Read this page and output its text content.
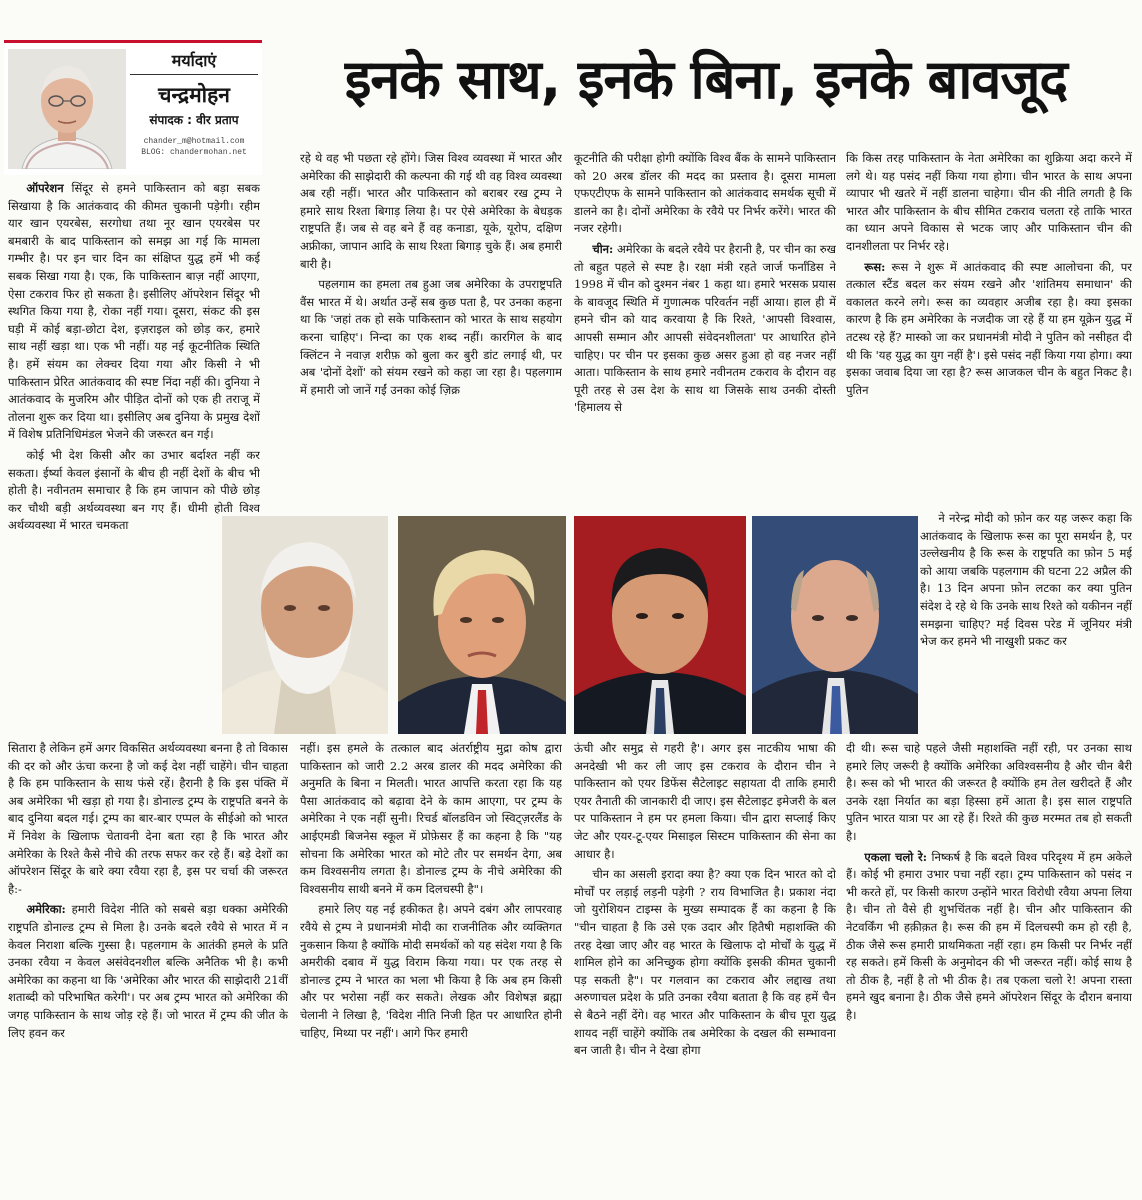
मर्यादाएं
चन्द्रमोहन
संपादक : वीर प्रताप
chander_m@hotmail.com
BLOG: chandermohan.net
इनके साथ, इनके बिना, इनके बावजूद

ऑपरेशन सिंदूर से हमने पाकिस्तान को बड़ा सबक सिखाया है कि आतंकवाद की कीमत चुकानी पड़ेगी। रहीम यार खान एयरबेस, सरगोधा तथा नूर खान एयरबेस पर बमबारी के बाद पाकिस्तान को समझ आ गई कि मामला गम्भीर है। पर इन चार दिन का संक्षिप्त युद्ध हमें भी कई सबक सिखा गया है। एक, कि पाकिस्तान बाज़ नहीं आएगा, ऐसा टकराव फिर हो सकता है। इसीलिए ऑपरेशन सिंदूर भी स्थगित किया गया है, रोका नहीं गया। दूसरा, संकट की इस घड़ी में कोई बड़ा-छोटा देश, इज़राइल को छोड़ कर, हमारे साथ नहीं खड़ा था। एक भी नहीं। यह नई कूटनीतिक स्थिति है। हमें संयम का लेक्चर दिया गया और किसी ने भी पाकिस्तान प्रेरित आतंकवाद की स्पष्ट निंदा नहीं की। दुनिया ने आतंकवाद के मुजरिम और पीड़ित दोनों को एक ही तराजू में तोलना शुरू कर दिया था। इसीलिए अब दुनिया के प्रमुख देशों में विशेष प्रतिनिधिमंडल भेजने की जरूरत बन गई।

कोई भी देश किसी और का उभार बर्दाश्त नहीं कर सकता। ईर्ष्या केवल इंसानों के बीच ही नहीं देशों के बीच भी होती है। नवीनतम समाचार है कि हम जापान को पीछे छोड़ कर चौथी बड़ी अर्थव्यवस्था बन गए हैं। धीमी होती विश्व अर्थव्यवस्था में भारत चमकता

सितारा है लेकिन हमें अगर विकसित अर्थव्यवस्था बनना है तो विकास की दर को और ऊंचा करना है जो कई देश नहीं चाहेंगे। चीन चाहता है कि हम पाकिस्तान के साथ फंसे रहें। हैरानी है कि इस पंक्ति में अब अमेरिका भी खड़ा हो गया है। डोनाल्ड ट्रम्प के राष्ट्रपति बनने के बाद दुनिया बदल गई। ट्रम्प का बार-बार एप्पल के सीईओ को भारत में निवेश के खिलाफ चेतावनी देना बता रहा है कि भारत और अमेरिका के रिश्ते कैसे नीचे की तरफ सफर कर रहे हैं। बड़े देशों का ऑपरेशन सिंदूर के बारे क्या रवैया रहा है, इस पर चर्चा की जरूरत है:-

अमेरिका: हमारी विदेश नीति को सबसे बड़ा धक्का अमेरिकी राष्ट्रपति डोनाल्ड ट्रम्प से मिला है। उनके बदले रवैये से भारत में न केवल निराशा बल्कि गुस्सा है। पहलगाम के आतंकी हमले के प्रति उनका रवैया न केवल असंवेदनशील बल्कि अनैतिक भी है। कभी अमेरिका का कहना था कि 'अमेरिका और भारत की साझेदारी 21वीं शताब्दी को परिभाषित करेगी'। पर अब ट्रम्प भारत को अमेरिका की जगह पाकिस्तान के साथ जोड़ रहे हैं। जो भारत में ट्रम्प की जीत के लिए हवन कर

रहे थे वह भी पछता रहे होंगे। जिस विश्व व्यवस्था में भारत और अमेरिका की साझेदारी की कल्पना की गई थी वह विश्व व्यवस्था अब रही नहीं। भारत और पाकिस्तान को बराबर रख ट्रम्प ने हमारे साथ रिश्ता बिगाड़ लिया है। पर ऐसे अमेरिका के बेधड़क राष्ट्रपति हैं। जब से वह बने हैं वह कनाडा, यूके, यूरोप, दक्षिण अफ्रीका, जापान आदि के साथ रिश्ता बिगाड़ चुके हैं। अब हमारी बारी है।

पहलगाम का हमला तब हुआ जब अमेरिका के उपराष्ट्रपति वैंस भारत में थे। अर्थात उन्हें सब कुछ पता है, पर उनका कहना था कि 'जहां तक हो सके पाकिस्तान को भारत के साथ सहयोग करना चाहिए'। निन्दा का एक शब्द नहीं। कारगिल के बाद क्लिंटन ने नवाज़ शरीफ़ को बुला कर बुरी डांट लगाई थी, पर अब 'दोनों देशों' को संयम रखने को कहा जा रहा है। पहलगाम में हमारी जो जानें गईं उनका कोई ज़िक्र

नहीं। इस हमले के तत्काल बाद अंतर्राष्ट्रीय मुद्रा कोष द्वारा पाकिस्तान को जारी 2.2 अरब डालर की मदद अमेरिका की अनुमति के बिना न मिलती। भारत आपत्ति करता रहा कि यह पैसा आतंकवाद को बढ़ावा देने के काम आएगा, पर ट्रम्प के अमेरिका ने एक नहीं सुनी। रिचर्ड बॉलडविन जो स्विट्ज़रलैंड के आईएमडी बिजनेस स्कूल में प्रोफ़ेसर हैं का कहना है कि "यह सोचना कि अमेरिका भारत को मोटे तौर पर समर्थन देगा, अब कम विश्वसनीय लगता है। डोनाल्ड ट्रम्प के नीचे अमेरिका की विश्वसनीय साथी बनने में कम दिलचस्पी है"।

हमारे लिए यह नई हकीकत है। अपने दबंग और लापरवाह रवैये से ट्रम्प ने प्रधानमंत्री मोदी का राजनीतिक और व्यक्तिगत नुकसान किया है क्योंकि मोदी समर्थकों को यह संदेश गया है कि अमरीकी दबाव में युद्ध विराम किया गया। पर एक तरह से डोनाल्ड ट्रम्प ने भारत का भला भी किया है कि अब हम किसी और पर भरोसा नहीं कर सकते। लेखक और विशेषज्ञ ब्रह्मा चेलानी ने लिखा है, 'विदेश नीति निजी हित पर आधारित होनी चाहिए, मिथ्या पर नहीं'। आगे फिर हमारी

कूटनीति की परीक्षा होगी क्योंकि विश्व बैंक के सामने पाकिस्तान को 20 अरब डॉलर की मदद का प्रस्ताव है। दूसरा मामला एफएटीएफ के सामने पाकिस्तान को आतंकवाद समर्थक सूची में डालने का है। दोनों अमेरिका के रवैये पर निर्भर करेंगे। भारत की नजर रहेगी।

चीन: अमेरिका के बदले रवैये पर हैरानी है, पर चीन का रुख तो बहुत पहले से स्पष्ट है। रक्षा मंत्री रहते जार्ज फर्नांडिस ने 1998 में चीन को दुश्मन नंबर 1 कहा था। हमारे भरसक प्रयास के बावजूद स्थिति में गुणात्मक परिवर्तन नहीं आया। हाल ही में हमने चीन को याद करवाया है कि रिश्ते, 'आपसी विश्वास, आपसी सम्मान और आपसी संवेदनशीलता' पर आधारित होने चाहिए। पर चीन पर इसका कुछ असर हुआ हो वह नजर नहीं आता। पाकिस्तान के साथ हमारे नवीनतम टकराव के दौरान वह पूरी तरह से उस देश के साथ था जिसके साथ उनकी दोस्ती 'हिमालय से

ऊंची और समुद्र से गहरी है'। अगर इस नाटकीय भाषा की अनदेखी भी कर ली जाए इस टकराव के दौरान चीन ने पाकिस्तान को एयर डिफेंस सैटेलाइट सहायता दी ताकि हमारी एयर तैनाती की जानकारी दी जाए। इस सैटेलाइट इमेजरी के बल पर पाकिस्तान ने हम पर हमला किया। चीन द्वारा सप्लाई किए जेट और एयर-टू-एयर मिसाइल सिस्टम पाकिस्तान की सेना का आधार है।

चीन का असली इरादा क्या है? क्या एक दिन भारत को दो मोर्चों पर लड़ाई लड़नी पड़ेगी ? राय विभाजित है। प्रकाश नंदा जो युरोशियन टाइम्स के मुख्य सम्पादक हैं का कहना है कि "चीन चाहता है कि उसे एक उदार और हितैषी महाशक्ति की तरह देखा जाए और वह भारत के खिलाफ दो मोर्चों के युद्ध में शामिल होने का अनिच्छुक होगा क्योंकि इसकी कीमत चुकानी पड़ सकती है"। पर गलवान का टकराव और लद्दाख तथा अरुणाचल प्रदेश के प्रति उनका रवैया बताता है कि वह हमें चैन से बैठने नहीं देंगे। वह भारत और पाकिस्तान के बीच पूरा युद्ध शायद नहीं चाहेंगे क्योंकि तब अमेरिका के दखल की सम्भावना बन जाती है। चीन ने देखा होगा

कि किस तरह पाकिस्तान के नेता अमेरिका का शुक्रिया अदा करने में लगे थे। यह पसंद नहीं किया गया होगा। चीन भारत के साथ अपना व्यापार भी खतरे में नहीं डालना चाहेगा। चीन की नीति लगती है कि भारत और पाकिस्तान के बीच सीमित टकराव चलता रहे ताकि भारत का ध्यान अपने विकास से भटक जाए और पाकिस्तान चीन की दानशीलता पर निर्भर रहे।

रूस: रूस ने शुरू में आतंकवाद की स्पष्ट आलोचना की, पर तत्काल स्टैंड बदल कर संयम रखने और 'शांतिमय समाधान' की वकालत करने लगे। रूस का व्यवहार अजीब रहा है। क्या इसका कारण है कि हम अमेरिका के नजदीक जा रहे हैं या हम यूक्रेन युद्ध में तटस्थ रहे हैं? मास्को जा कर प्रधानमंत्री मोदी ने पुतिन को नसीहत दी थी कि 'यह युद्ध का युग नहीं है'। इसे पसंद नहीं किया गया होगा। क्या इसका जवाब दिया जा रहा है? रूस आजकल चीन के बहुत निकट है। पुतिन

ने नरेन्द्र मोदी को फ़ोन कर यह जरूर कहा कि आतंकवाद के खिलाफ रूस का पूरा समर्थन है, पर उल्लेखनीय है कि रूस के राष्ट्रपति का फ़ोन 5 मई को आया जबकि पहलगाम की घटना 22 अप्रैल की है। 13 दिन अपना फ़ोन लटका कर क्या पुतिन संदेश दे रहे थे कि उनके साथ रिश्ते को यकीनन नहीं समझना चाहिए? मई दिवस परेड में जूनियर मंत्री भेज कर हमने भी नाखुशी प्रकट कर

दी थी। रूस चाहे पहले जैसी महाशक्ति नहीं रही, पर उनका साथ हमारे लिए जरूरी है क्योंकि अमेरिका अविश्वसनीय है और चीन बैरी है। रूस को भी भारत की जरूरत है क्योंकि हम तेल खरीदते हैं और उनके रक्षा निर्यात का बड़ा हिस्सा हमें आता है। इस साल राष्ट्रपति पुतिन भारत यात्रा पर आ रहे हैं। रिश्ते की कुछ मरम्मत तब हो सकती है।

एकला चलो रे: निष्कर्ष है कि बदले विश्व परिदृश्य में हम अकेले हैं। कोई भी हमारा उभार पचा नहीं रहा। ट्रम्प पाकिस्तान को पसंद न भी करते हों, पर किसी कारण उन्होंने भारत विरोधी रवैया अपना लिया है। चीन तो वैसे ही शुभचिंतक नहीं है। चीन और पाकिस्तान की नेटवर्किंग भी हक़ीक़त है। रूस की हम में दिलचस्पी कम हो रही है, ठीक जैसे रूस हमारी प्राथमिकता नहीं रहा। हम किसी पर निर्भर नहीं रह सकते। हमें किसी के अनुमोदन की भी जरूरत नहीं। कोई साथ है तो ठीक है, नहीं है तो भी ठीक है। तब एकला चलो रे! अपना रास्ता हमने खुद बनाना है। ठीक जैसे हमने ऑपरेशन सिंदूर के दौरान बनाया है।
